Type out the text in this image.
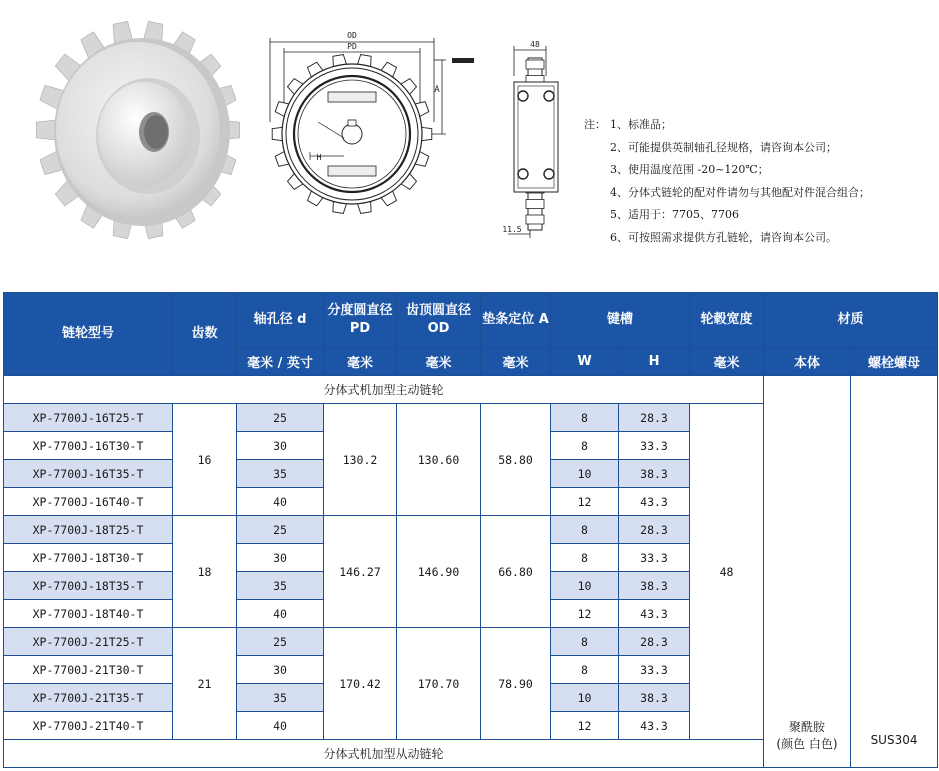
OD
PD
A
H
48
11.5
注： 1、标准品；
2、可能提供英制轴孔径规格，请咨询本公司；
3、使用温度范围 -20~120℃；
4、分体式链轮的配对件请勿与其他配对件混合组合；
5、适用于：7705、7706
6、可按照需求提供方孔链轮，请咨询本公司。
链轮型号	齿数	轴孔径 d	分度圆直径 PD	齿顶圆直径 OD	垫条定位 A	键槽		轮毂宽度	材质	
		毫米 / 英寸	毫米	毫米	毫米	W	H	毫米	本体	螺栓螺母
分体式机加型主动链轮									聚酰胺
(颜色 白色)	SUS304
XP-7700J-16T25-T	16	25	130.2	130.60	58.80	8	28.3	48		
XP-7700J-16T30-T		30				8	33.3			
XP-7700J-16T35-T		35				10	38.3			
XP-7700J-16T40-T		40				12	43.3			
XP-7700J-18T25-T	18	25	146.27	146.90	66.80	8	28.3			
XP-7700J-18T30-T		30				8	33.3			
XP-7700J-18T35-T		35				10	38.3			
XP-7700J-18T40-T		40				12	43.3			
XP-7700J-21T25-T	21	25	170.42	170.70	78.90	8	28.3			
XP-7700J-21T30-T		30				8	33.3			
XP-7700J-21T35-T		35				10	38.3			
XP-7700J-21T40-T		40				12	43.3			
分体式机加型从动链轮										
